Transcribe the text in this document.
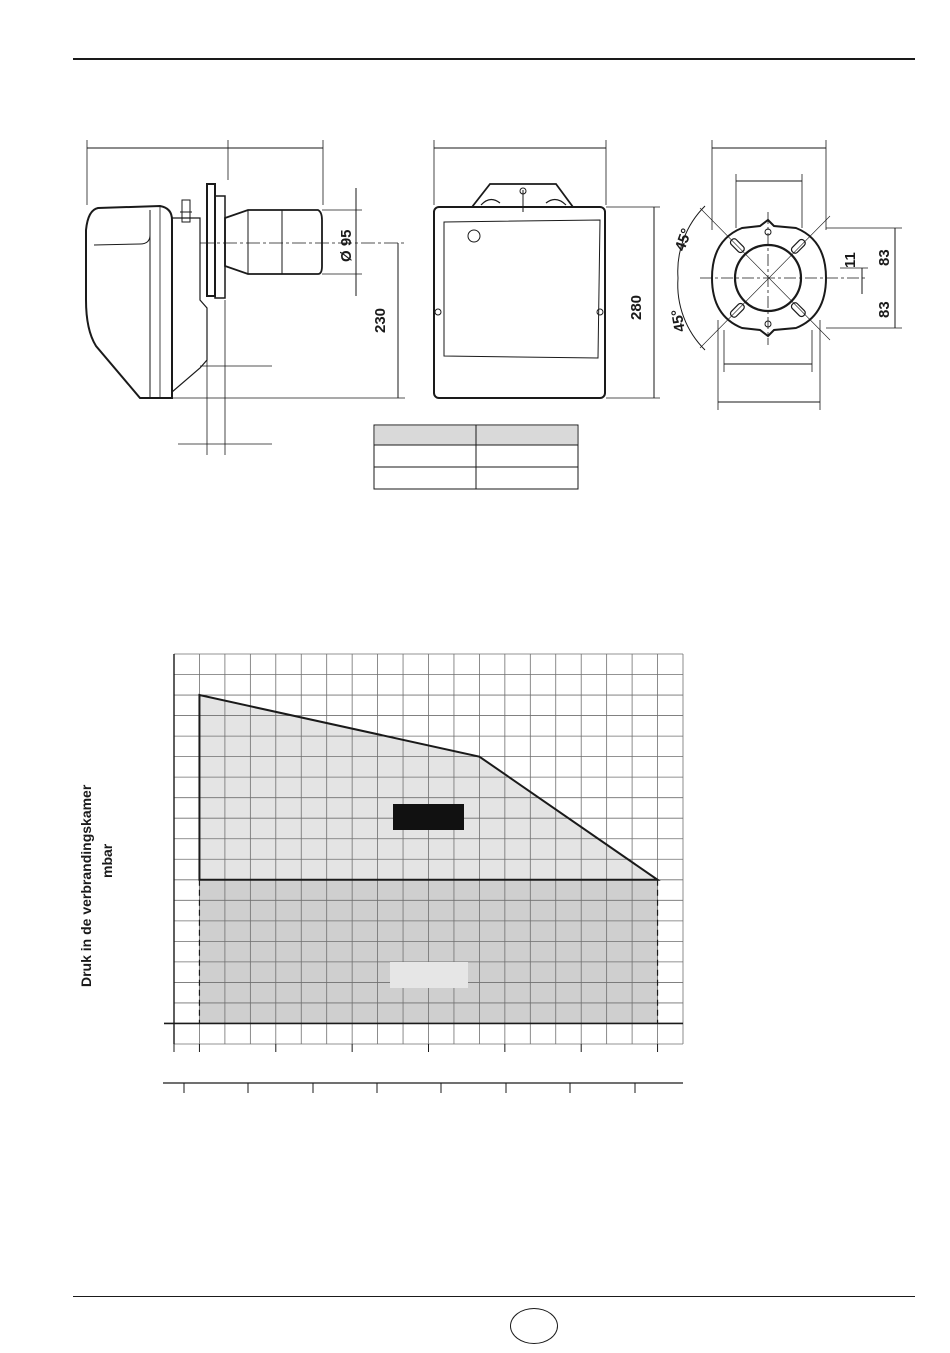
Ø 95
230
280
45°
45°
11 83
83
Druk in de verbrandingskamer mbar
